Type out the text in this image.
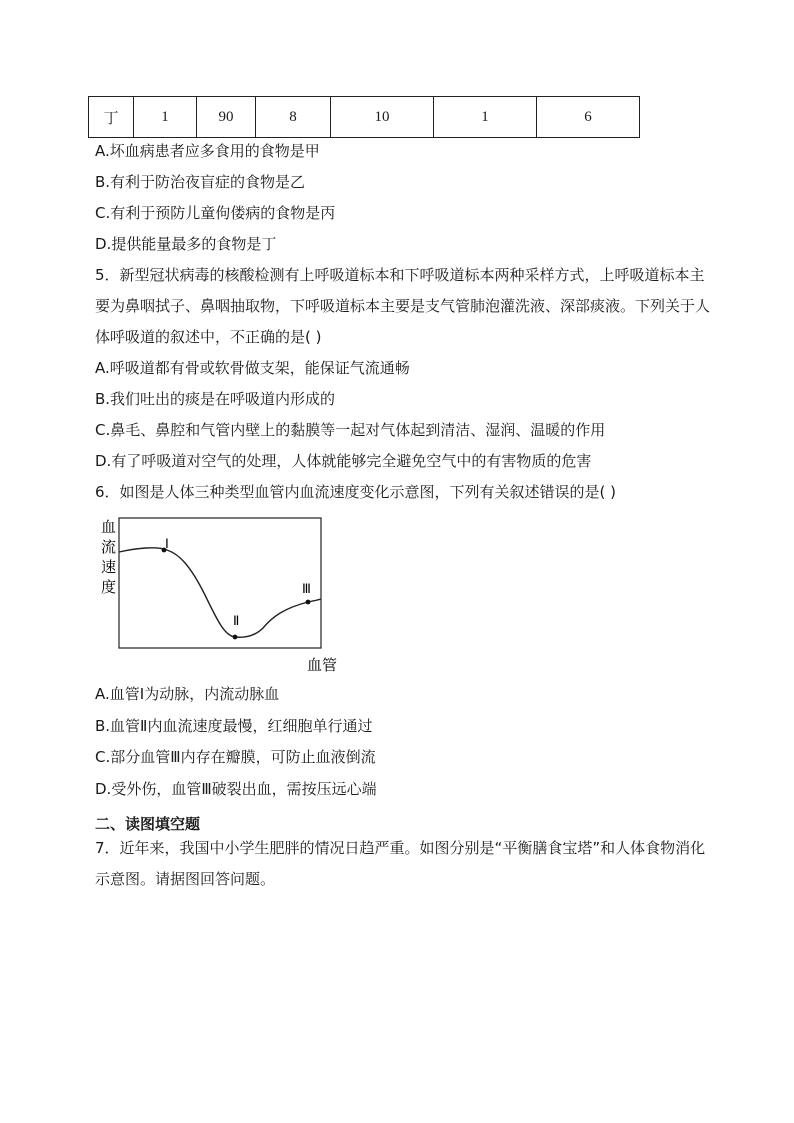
丁	1	90	8	10	1	6
A.坏血病患者应多食用的食物是甲
B.有利于防治夜盲症的食物是乙
C.有利于预防儿童佝偻病的食物是丙
D.提供能量最多的食物是丁
5．新型冠状病毒的核酸检测有上呼吸道标本和下呼吸道标本两种采样方式，上呼吸道标本主要为鼻咽拭子、鼻咽抽取物，下呼吸道标本主要是支气管肺泡灌洗液、深部痰液。下列关于人体呼吸道的叙述中，不正确的是( )
A.呼吸道都有骨或软骨做支架，能保证气流通畅
B.我们吐出的痰是在呼吸道内形成的
C.鼻毛、鼻腔和气管内壁上的黏膜等一起对气体起到清洁、湿润、温暖的作用
D.有了呼吸道对空气的处理，人体就能够完全避免空气中的有害物质的危害
6．如图是人体三种类型血管内血流速度变化示意图，下列有关叙述错误的是( )
血
流
速
度
Ⅰ
Ⅱ
Ⅲ
血管
A.血管Ⅰ为动脉，内流动脉血
B.血管Ⅱ内血流速度最慢，红细胞单行通过
C.部分血管Ⅲ内存在瓣膜，可防止血液倒流
D.受外伤，血管Ⅲ破裂出血，需按压远心端
二、读图填空题
7．近年来，我国中小学生肥胖的情况日趋严重。如图分别是“平衡膳食宝塔”和人体食物消化示意图。请据图回答问题。
